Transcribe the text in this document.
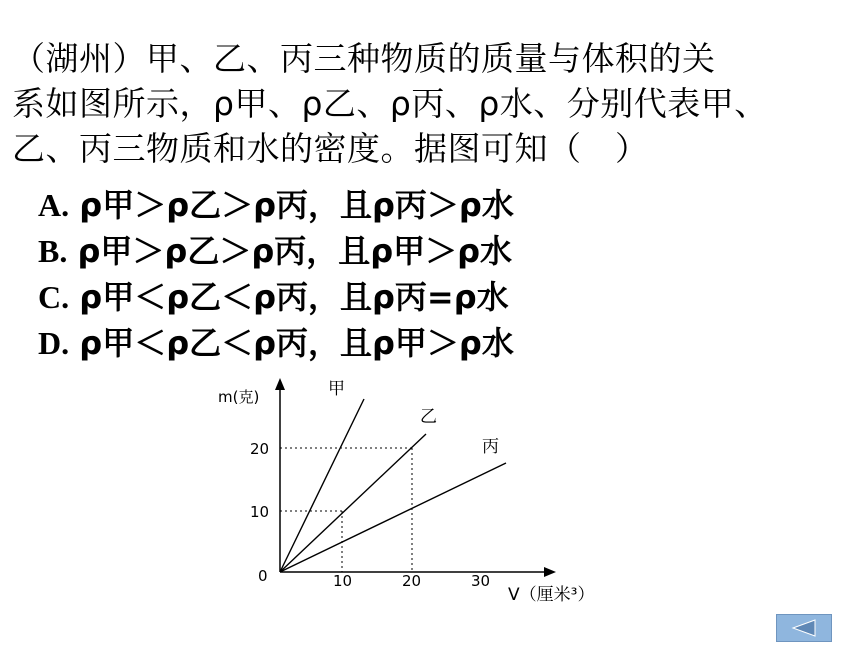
（湖州）甲、乙、丙三种物质的质量与体积的关
系如图所示，ρ甲、ρ乙、ρ丙、ρ水、分别代表甲、
乙、丙三物质和水的密度。据图可知（　）
A. ρ甲＞ρ乙＞ρ丙，且ρ丙＞ρ水
B. ρ甲＞ρ乙＞ρ丙，且ρ甲＞ρ水
C. ρ甲＜ρ乙＜ρ丙，且ρ丙=ρ水
D. ρ甲＜ρ乙＜ρ丙，且ρ甲＞ρ水
m(克)
V（厘米³）
0	10	20	30
20
10
甲
乙
丙
